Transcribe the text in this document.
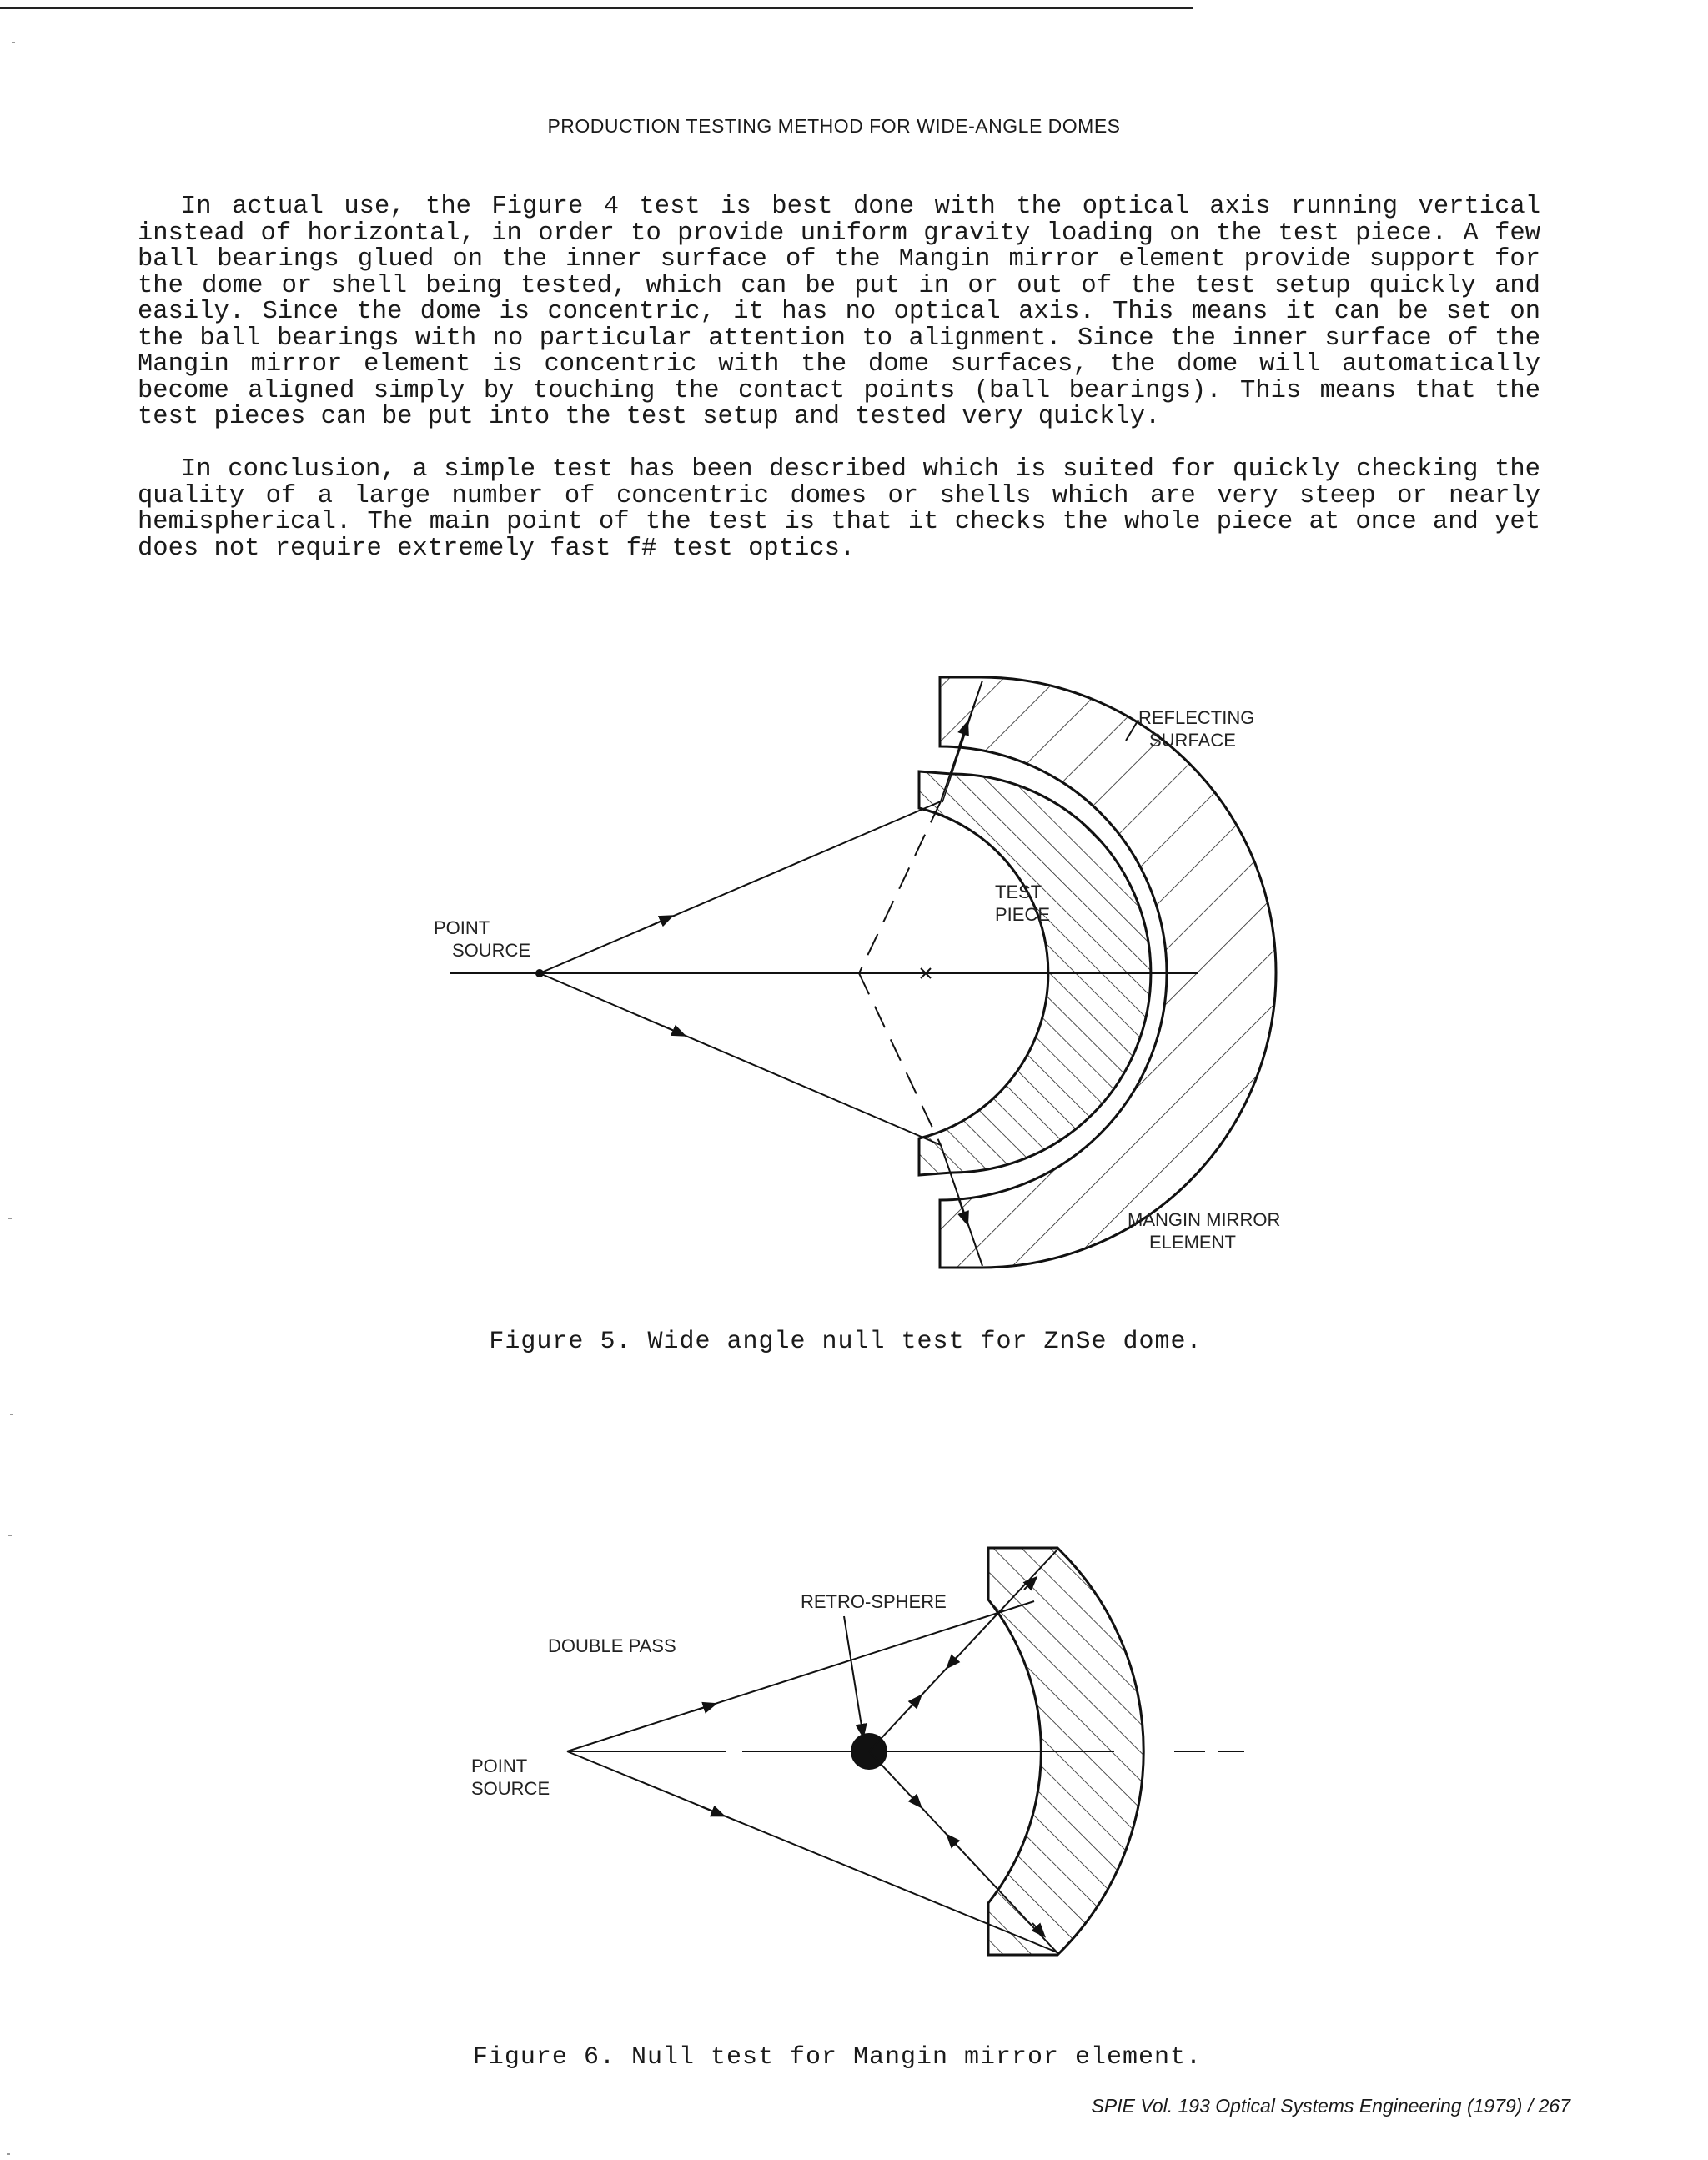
PRODUCTION TESTING METHOD FOR WIDE-ANGLE DOMES

In actual use, the Figure 4 test is best done with the optical axis running vertical instead of horizontal, in order to provide uniform gravity loading on the test piece. A few ball bearings glued on the inner surface of the Mangin mirror element provide support for the dome or shell being tested, which can be put in or out of the test setup quickly and easily. Since the dome is concentric, it has no optical axis. This means it can be set on the ball bearings with no particular attention to alignment. Since the inner surface of the Mangin mirror element is concentric with the dome surfaces, the dome will automatically become aligned simply by touching the contact points (ball bearings). This means that the test pieces can be put into the test setup and tested very quickly.

In conclusion, a simple test has been described which is suited for quickly checking the quality of a large number of concentric domes or shells which are very steep or nearly hemispherical. The main point of the test is that it checks the whole piece at once and yet does not require extremely fast f# test optics.

REFLECTING
SURFACE
TEST
PIECE
POINT
SOURCE
MANGIN MIRROR
ELEMENT
Figure 5. Wide angle null test for ZnSe dome.
RETRO-SPHERE
DOUBLE PASS
POINT
SOURCE
Figure 6. Null test for Mangin mirror element.
SPIE Vol. 193 Optical Systems Engineering (1979) / 267
